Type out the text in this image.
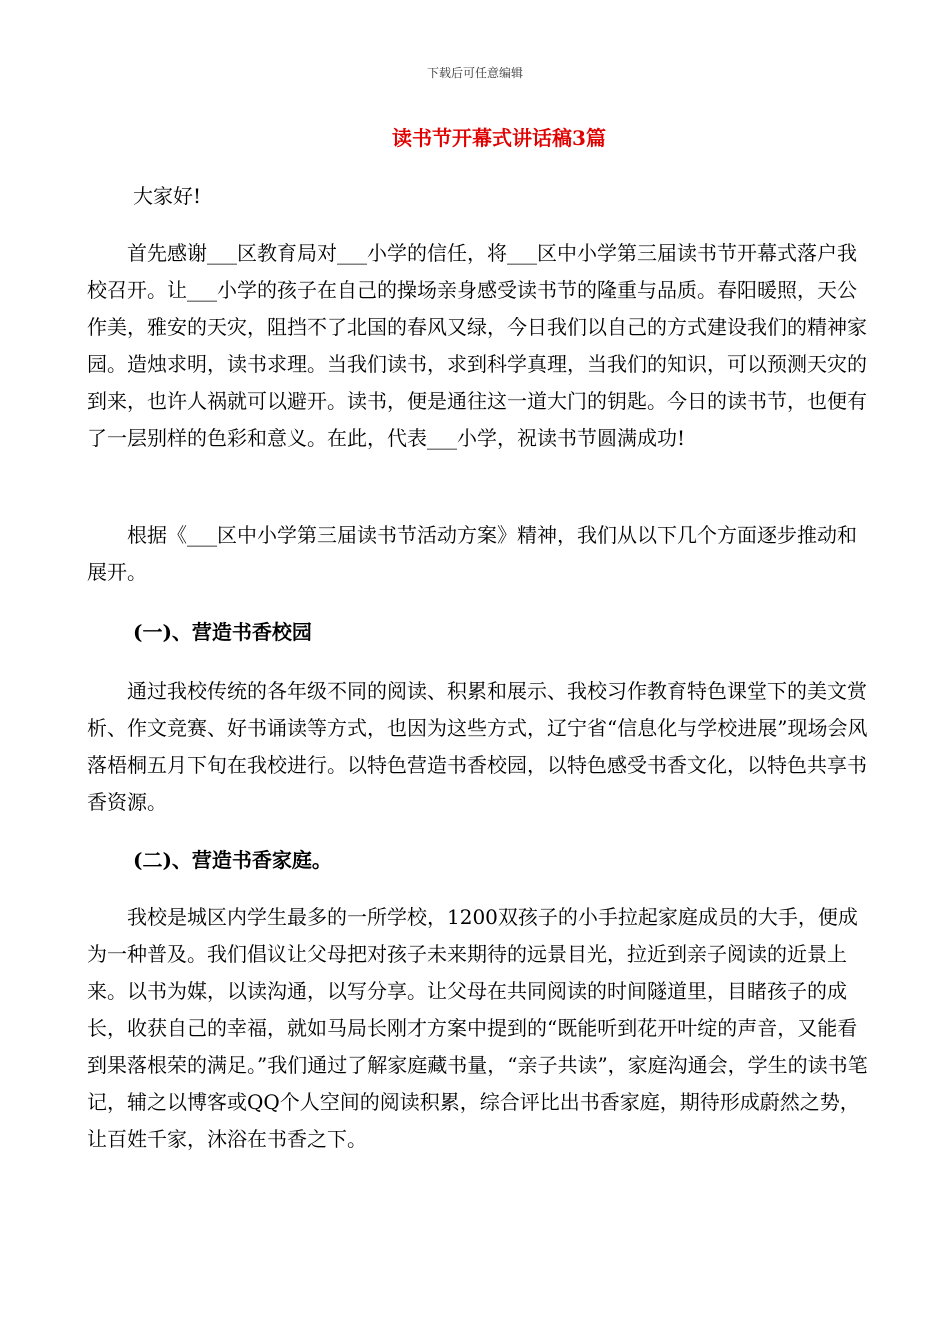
下载后可任意编辑
读书节开幕式讲话稿3篇

大家好!

首先感谢___区教育局对___小学的信任，将___区中小学第三届读书节开幕式落户我校召开。让___小学的孩子在自己的操场亲身感受读书节的隆重与品质。春阳暖照，天公作美，雅安的天灾，阻挡不了北国的春风又绿，今日我们以自己的方式建设我们的精神家园。造烛求明，读书求理。当我们读书，求到科学真理，当我们的知识，可以预测天灾的到来，也许人祸就可以避开。读书，便是通往这一道大门的钥匙。今日的读书节，也便有了一层别样的色彩和意义。在此，代表___小学，祝读书节圆满成功!

根据《___区中小学第三届读书节活动方案》精神，我们从以下几个方面逐步推动和展开。

(一)、营造书香校园

通过我校传统的各年级不同的阅读、积累和展示、我校习作教育特色课堂下的美文赏析、作文竞赛、好书诵读等方式，也因为这些方式，辽宁省“信息化与学校进展”现场会风落梧桐五月下旬在我校进行。以特色营造书香校园，以特色感受书香文化，以特色共享书香资源。

(二)、营造书香家庭。

我校是城区内学生最多的一所学校，1200双孩子的小手拉起家庭成员的大手，便成为一种普及。我们倡议让父母把对孩子未来期待的远景目光，拉近到亲子阅读的近景上来。以书为媒，以读沟通，以写分享。让父母在共同阅读的时间隧道里，目睹孩子的成长，收获自己的幸福，就如马局长刚才方案中提到的“既能听到花开叶绽的声音，又能看到果落根荣的满足。”我们通过了解家庭藏书量，“亲子共读”，家庭沟通会，学生的读书笔记，辅之以博客或QQ个人空间的阅读积累，综合评比出书香家庭，期待形成蔚然之势，让百姓千家，沐浴在书香之下。
